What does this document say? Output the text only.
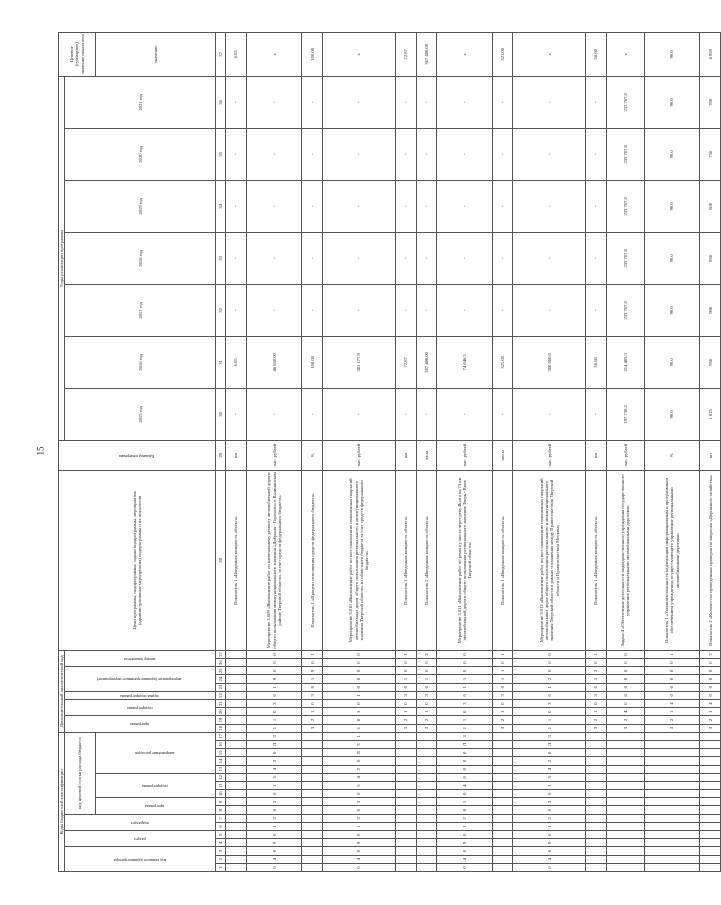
15
Коды бюджетной классификации																	Дополнительный аналитический код										Цели программы, подпрограммы, задачи подпрограммы, мероприятия (административные мероприятия) подпрограммы и их показатели	Единица измерения	Годы реализации программы							Целевое (суммарное) значение показателя
код главного администратора			раздел		подраздел		код целевой статьи расхода бюджета										программа		подпрограмма		задача подпрограммы	мероприятие (административное мероприятие)			номер показателя				2015 год	2016 год	2017 год	2018 год	2019 год	2020 год	2021 год	
							программа		подпрограмма			направление расходов																								значение
1	2	3	4	5	6	7	8	9	10	11	12	13	14	15	16	17	18	19	20	21	22	23	24	25	26	27	28	29	30	31	32	33	34	35	36	37
																											Показатель 1 «Введенная мощность объекта»	км	-	6.05	-	-	-	-	-	6.05
0	4	0	9	0	1	2	0	3	0	1	5	4	2	0	Л	3	1	1	0	3	0	1	9	0	0	0	Мероприятие 3.009 «Выполнение работ по капитальному ремонту автомобильной дороги общего пользования межмуниципального значения «Добрыня - Горохово» в Калининском районе Тверской области» за счет средств федерального бюджета»	тыс. рублей	-	46 650.00	-	-	-	-	-	х
																	3	2	1	0	3	0	1	9	0	1	Показатель 1 «Процент исполнения средств федерального бюджета»	%	-	100.00	-	-	-	-	-	100.00
0	4	0	9	0	1	2	0	3	0	5	4	2	0	Л	3	1	1	0	3	0	1	0	0	0	0	0	Мероприятие 3.010 «Выполнение работ по восстановлению изношенных покрытий автомобильных дорог общего пользования регионального и межмуниципального значения Тверской области» из областного бюджета за счет средств федерального бюджета»	тыс. рублей	-	381 177.9	-	-	-	-	-	х
																	3	2	1	0	3	0	1	0	0	1	Показатель 1 «Введенная мощность объекта»	км	-	72.87	-	-	-	-	-	72.87
																	3	2	1	0	3	0	1	0	0	2	Показатель 2 «Введенная мощность объекта»	кв.м	-	367 480.00	-	-	-	-	-	367 480.00
0	4	0	9	0	1	2	0	1	0	4	0	0	0	0	Л	3	1	1	0	3	0	1	1	0	0	0	Мероприятие 3.011 «Выполнение работ по ремонту моста через реку Волга на 73 км автомобильной дороги общего пользования регионального значения Тверь - Ржев Тверской области»	тыс. рублей	-	74 846.5	-	-	-	-	-	х
																	3	2	1	0	3	0	1	1	0	1	Показатель 1 «Введенная мощность объекта»	пог.м	-	321.00	-	-	-	-	-	321.00
0	4	0	9	0	1	2	0	3	0	1	5	4	2	0	Л	3	1	1	0	3	0	1	2	0	0	0	Мероприятие 3.012 «Выполнение работ по восстановлению изношенных покрытий автомобильных дорог общего пользования регионального и межмуниципального значения Тверской области в рамках соглашения между Правительством Тверской области и Правительством Москвы»	тыс. рублей	-	300 000.0	-	-	-	-	-	х
																	3	2	1	0	3	0	1	2	0	1	Показатель 1 «Введенная мощность объекта»	км	-	56.60	-	-	-	-	-	56.60
																	3	2	4	0	0	0	0	0	0	0	Задача 4 «Обеспечение деятельности подведомственного учреждения государственного управления региональными автомобильными дорогами»	тыс. рублей	197 738.2	214 485.3	233 707.8	233 707.8	233 707.8	233 707.8	233 707.8	х
																	3	2	1	4	0	0	0	0	0	1	Показатель 1 «Укомплектованность надлежащим информационным и программным обеспечением учреждения, осуществляющего управление региональными автомобильными дорогами»	%	90.0	90.0	90.0	90.0	90.0	90.0	90.0	90.0
																	3	2	1	4	0	0	0	0	0	2	Показатель 2 «Количество проведенных проверок по запросам «Дорожного хозяйства»	шт	1 025	950	900	850	800	750	700	4 959
